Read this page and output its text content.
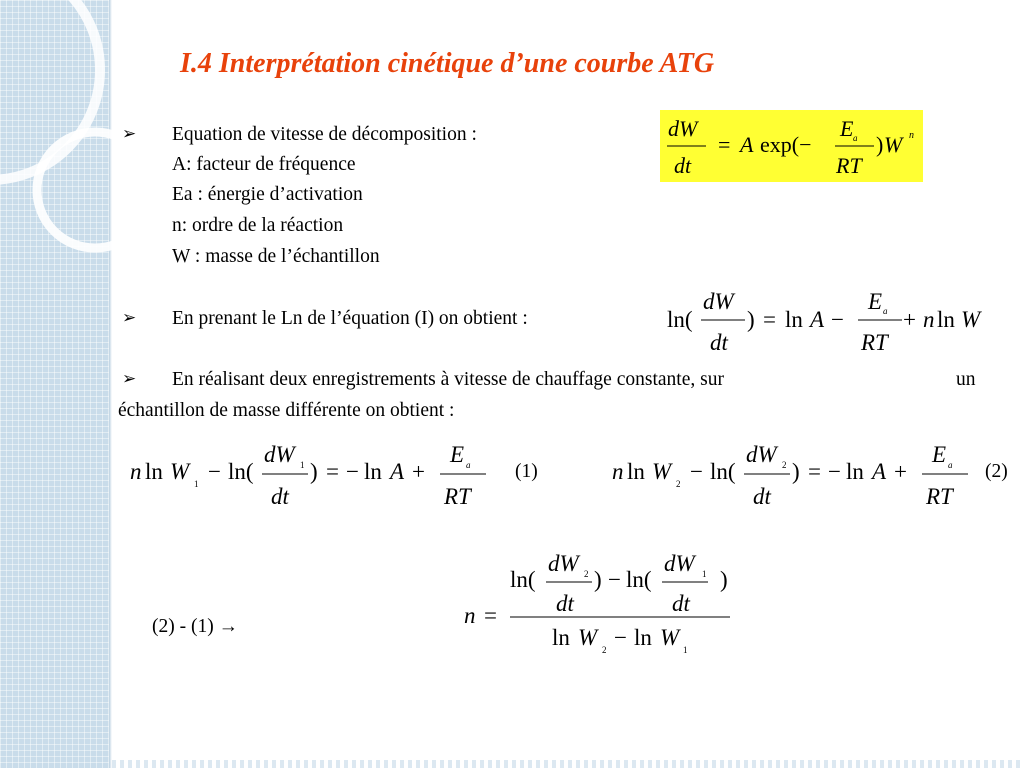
I.4 Interprétation cinétique d’une courbe ATG
➢ Equation de vitesse de décomposition :
A: facteur de fréquence
Ea : énergie d’activation
n: ordre de la réaction
W : masse de l’échantillon
dW
dt
= A exp(−
E a
RT
) W n
➢ En prenant le Ln de l’équation (I) on obtient :	ln(
dW
dt
) = ln A −
E a
RT
+ n ln W
➢ En réalisant deux enregistrements à vitesse de chauffage constante, sur	un
échantillon de masse différente on obtient :
n ln W 1 − ln(
dW 1
dt
) = − ln A +
E a
RT
(1)	n ln W 2 − ln(
dW 2
dt
) = − ln A +
E a
RT
(2)
(2) - (1) →	n =
ln(
dW 2
dt
) − ln(
dW 1
dt
)
ln W 2 − ln W 1
